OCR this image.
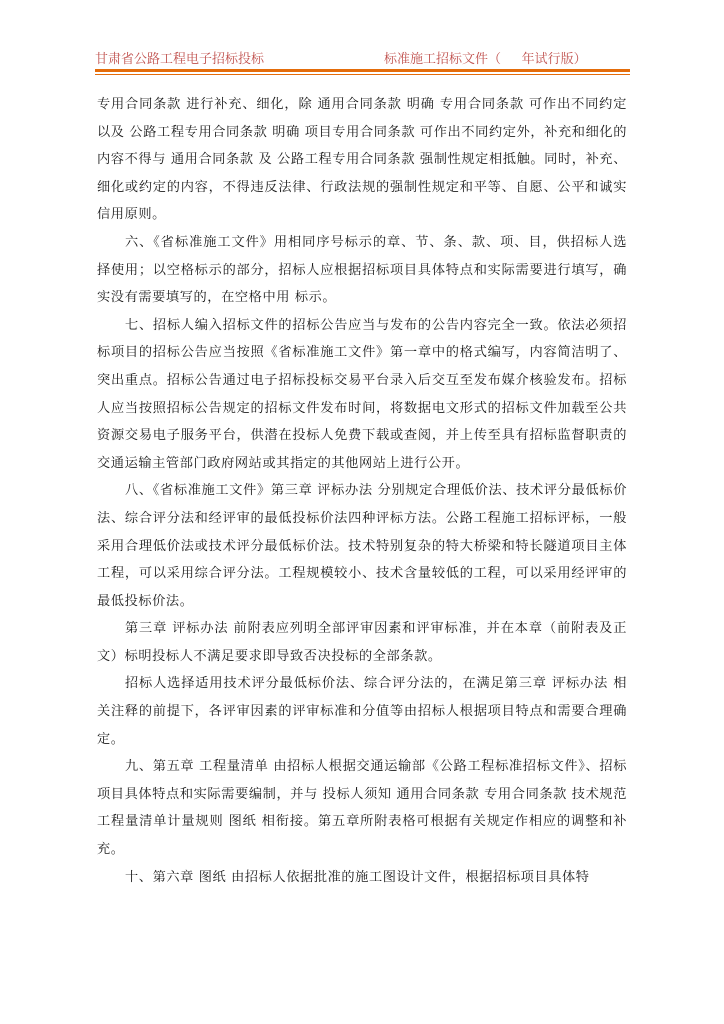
甘肃省公路工程电子招标投标	标准施工招标文件（     年试行版）

专用合同条款 进行补充、细化，除 通用合同条款 明确 专用合同条款 可作出不同约定以及 公路工程专用合同条款 明确 项目专用合同条款 可作出不同约定外，补充和细化的内容不得与 通用合同条款 及 公路工程专用合同条款 强制性规定相抵触。同时，补充、细化或约定的内容，不得违反法律、行政法规的强制性规定和平等、自愿、公平和诚实信用原则。

六、《省标准施工文件》用相同序号标示的章、节、条、款、项、目，供招标人选择使用；以空格标示的部分，招标人应根据招标项目具体特点和实际需要进行填写，确实没有需要填写的，在空格中用 标示。

七、招标人编入招标文件的招标公告应当与发布的公告内容完全一致。依法必须招标项目的招标公告应当按照《省标准施工文件》第一章中的格式编写，内容简洁明了、突出重点。招标公告通过电子招标投标交易平台录入后交互至发布媒介核验发布。招标人应当按照招标公告规定的招标文件发布时间，将数据电文形式的招标文件加载至公共资源交易电子服务平台，供潜在投标人免费下载或查阅，并上传至具有招标监督职责的交通运输主管部门政府网站或其指定的其他网站上进行公开。

八、《省标准施工文件》第三章 评标办法 分别规定合理低价法、技术评分最低标价法、综合评分法和经评审的最低投标价法四种评标方法。公路工程施工招标评标，一般采用合理低价法或技术评分最低标价法。技术特别复杂的特大桥梁和特长隧道项目主体工程，可以采用综合评分法。工程规模较小、技术含量较低的工程，可以采用经评审的最低投标价法。

第三章 评标办法 前附表应列明全部评审因素和评审标准，并在本章（前附表及正文）标明投标人不满足要求即导致否决投标的全部条款。

招标人选择适用技术评分最低标价法、综合评分法的，在满足第三章 评标办法 相关注释的前提下，各评审因素的评审标准和分值等由招标人根据项目特点和需要合理确定。

九、第五章 工程量清单 由招标人根据交通运输部《公路工程标准招标文件》、招标项目具体特点和实际需要编制，并与 投标人须知 通用合同条款 专用合同条款 技术规范 工程量清单计量规则 图纸 相衔接。第五章所附表格可根据有关规定作相应的调整和补充。

十、第六章 图纸 由招标人依据批准的施工图设计文件，根据招标项目具体特
